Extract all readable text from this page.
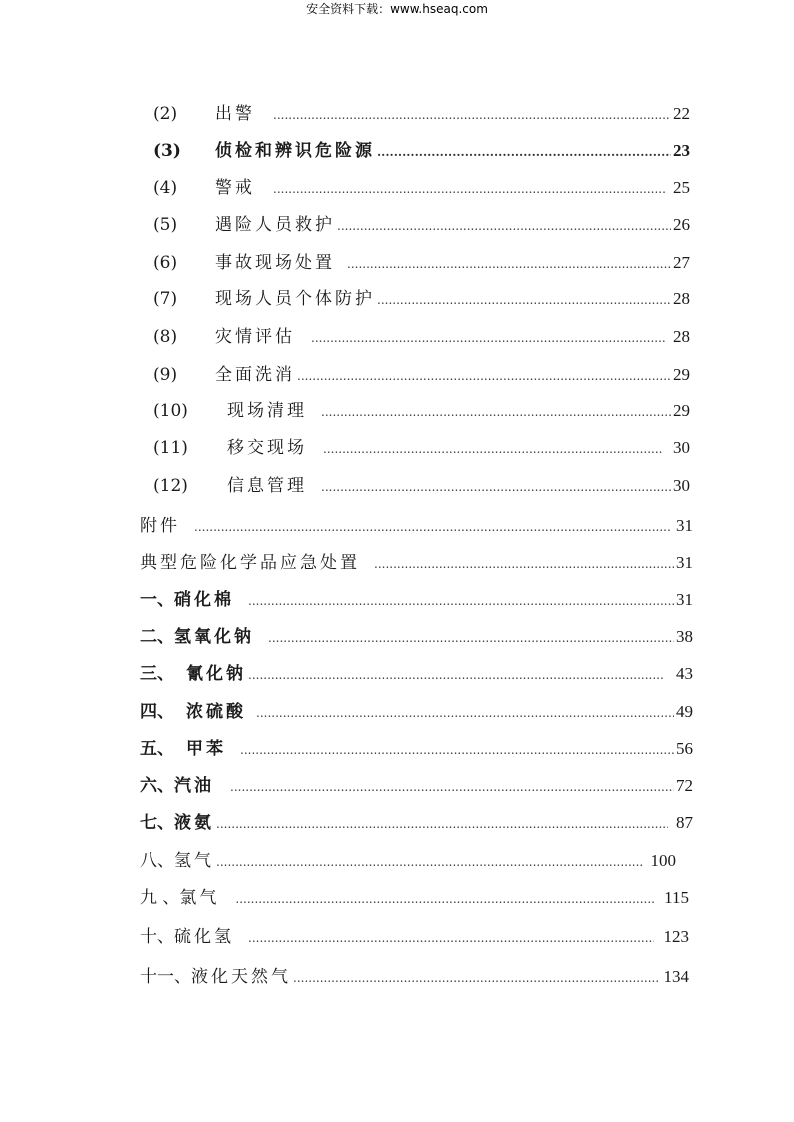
安全资料下载：www.hseaq.com
(2)	出警 .....	22
(3)	侦检和辨识危险源 .....	23
(4)	警戒 .....	25
(5)	遇险人员救护 .....	26
(6)	事故现场处置 .....	27
(7)	现场人员个体防护 .....	28
(8)	灾情评估 .....	28
(9)	全面洗消 .....	29
(10)	现场清理 .....	29
(11)	移交现场 .....	30
(12)	信息管理 .....	30
附件 .....	31
典型危险化学品应急处置 .....	31
一、 硝化棉 .....	31
二、 氢氧化钠 .....	38
三、 氰化钠 .....	43
四、 浓硫酸 .....	49
五、 甲苯 .....	56
六、 汽油 .....	72
七、 液氨 .....	87
八、 氢气 .....	100
九 、 氯气 .....	115
十、 硫化氢 .....	123
十一、 液化天然气 .....	134
